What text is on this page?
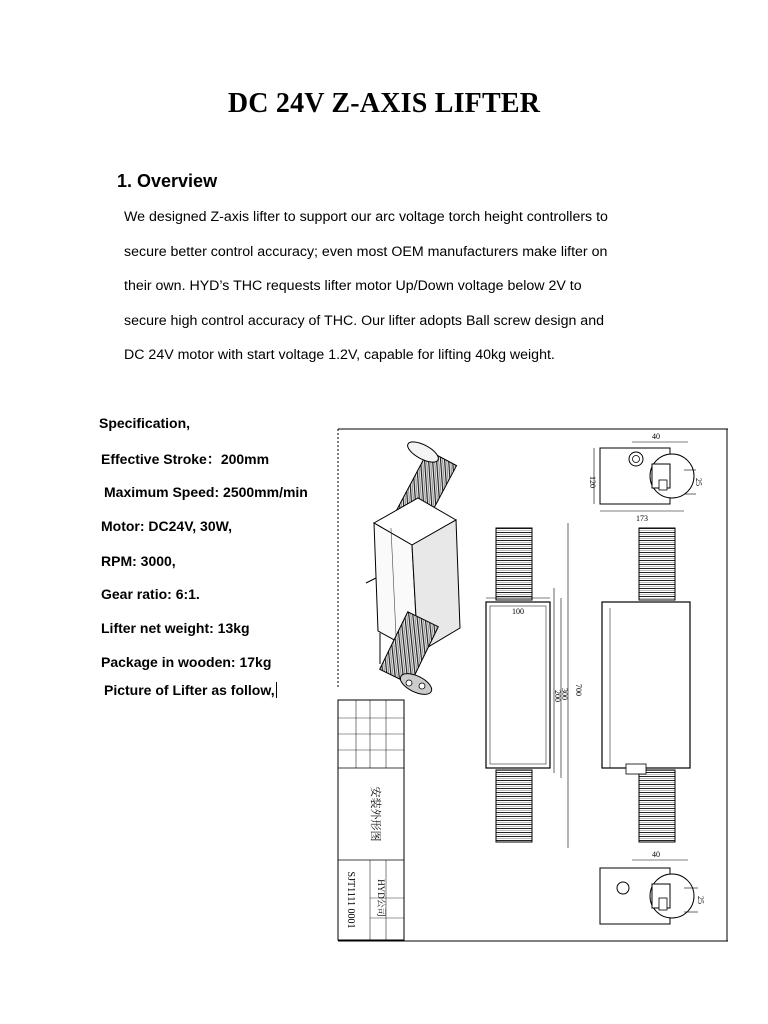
DC 24V Z-AXIS LIFTER
1. Overview
We designed Z-axis lifter to support our arc voltage torch height controllers to
secure better control accuracy; even most OEM manufacturers make lifter on
their own. HYD’s THC requests lifter motor Up/Down voltage below 2V to
secure high control accuracy of THC. Our lifter adopts Ball screw design and
DC 24V motor with start voltage 1.2V, capable for lifting 40kg weight.
Specification,
Effective Stroke：200mm
Maximum Speed: 2500mm/min
Motor: DC24V, 30W,
RPM: 3000,
Gear ratio: 6:1.
Lifter net weight: 13kg
Package in wooden: 17kg
Picture of Lifter as follow,
40
25
120
173
100
700
300
200
40
25
安装外形图
HYD公司
SJT1111 0001
